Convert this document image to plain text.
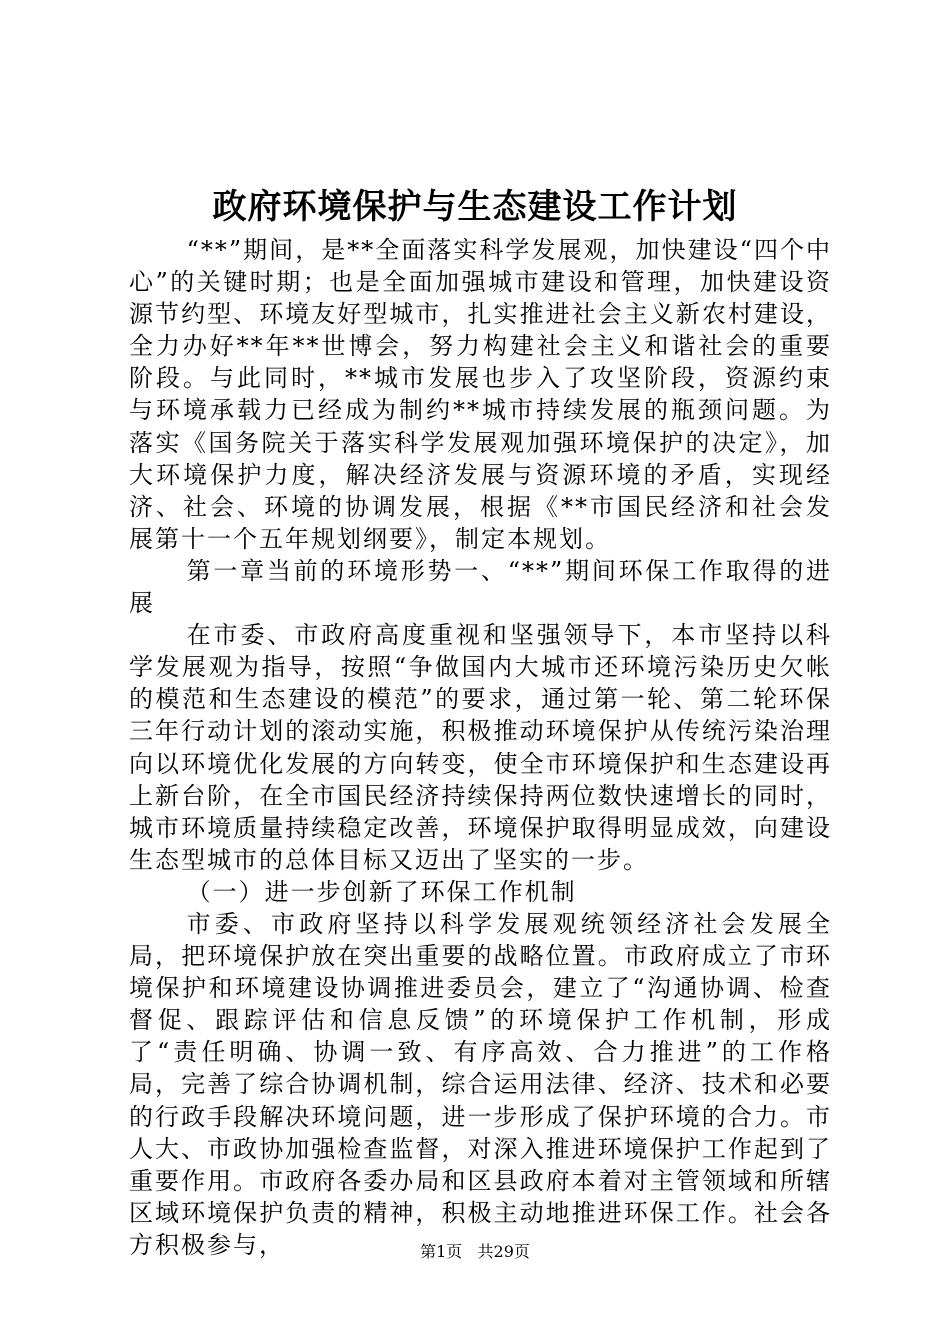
政府环境保护与生态建设工作计划

“**”期间，是**全面落实科学发展观，加快建设“四个中心”的关键时期；也是全面加强城市建设和管理，加快建设资源节约型、环境友好型城市，扎实推进社会主义新农村建设，全力办好**年**世博会，努力构建社会主义和谐社会的重要阶段。与此同时，**城市发展也步入了攻坚阶段，资源约束与环境承载力已经成为制约**城市持续发展的瓶颈问题。为落实《国务院关于落实科学发展观加强环境保护的决定》，加大环境保护力度，解决经济发展与资源环境的矛盾，实现经济、社会、环境的协调发展，根据《**市国民经济和社会发展第十一个五年规划纲要》，制定本规划。

第一章当前的环境形势一、“**”期间环保工作取得的进展

在市委、市政府高度重视和坚强领导下，本市坚持以科学发展观为指导，按照“争做国内大城市还环境污染历史欠帐的模范和生态建设的模范”的要求，通过第一轮、第二轮环保三年行动计划的滚动实施，积极推动环境保护从传统污染治理向以环境优化发展的方向转变，使全市环境保护和生态建设再上新台阶，在全市国民经济持续保持两位数快速增长的同时，城市环境质量持续稳定改善，环境保护取得明显成效，向建设生态型城市的总体目标又迈出了坚实的一步。

（一）进一步创新了环保工作机制

市委、市政府坚持以科学发展观统领经济社会发展全局，把环境保护放在突出重要的战略位置。市政府成立了市环境保护和环境建设协调推进委员会，建立了“沟通协调、检查督促、跟踪评估和信息反馈”的环境保护工作机制，形成了“责任明确、协调一致、有序高效、合力推进”的工作格局，完善了综合协调机制，综合运用法律、经济、技术和必要的行政手段解决环境问题，进一步形成了保护环境的合力。市人大、市政协加强检查监督，对深入推进环境保护工作起到了重要作用。市政府各委办局和区县政府本着对主管领域和所辖区域环境保护负责的精神，积极主动地推进环保工作。社会各方积极参与，	第1页 共29页
